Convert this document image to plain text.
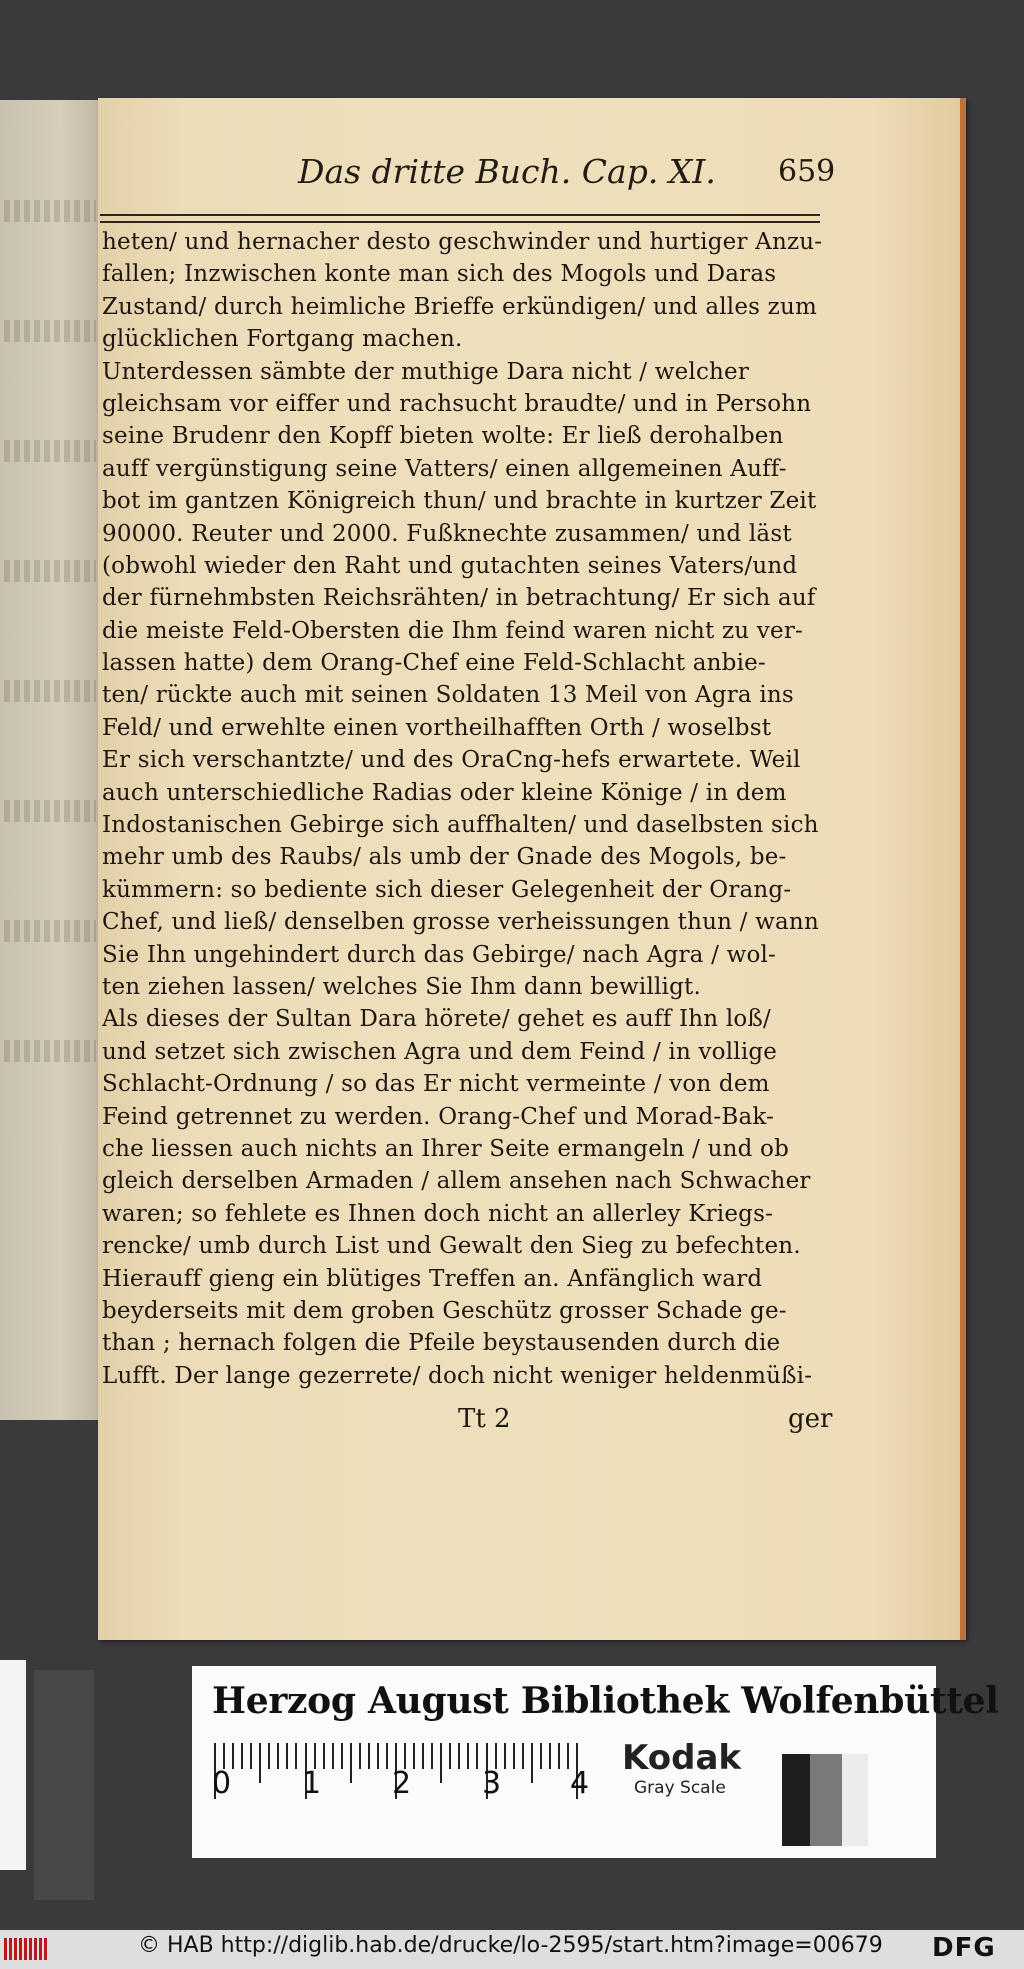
Das dritte Buch. Cap. XI. 659
heten/ und hernacher desto geschwinder und hurtiger Anzu-
fallen; Inzwischen konte man sich des Mogols und Daras
Zustand/ durch heimliche Brieffe erkündigen/ und alles zum
glücklichen Fortgang machen.
Unterdessen sämbte der muthige Dara nicht / welcher
gleichsam vor eiffer und rachsucht braudte/ und in Persohn
seine Brudenr den Kopff bieten wolte: Er ließ derohalben
auff vergünstigung seine Vatters/ einen allgemeinen Auff-
bot im gantzen Königreich thun/ und brachte in kurtzer Zeit
90000. Reuter und 2000. Fußknechte zusammen/ und läst
(obwohl wieder den Raht und gutachten seines Vaters/und
der fürnehmbsten Reichsrähten/ in betrachtung/ Er sich auf
die meiste Feld-Obersten die Ihm feind waren nicht zu ver-
lassen hatte) dem Orang-Chef eine Feld-Schlacht anbie-
ten/ rückte auch mit seinen Soldaten 13 Meil von Agra ins
Feld/ und erwehlte einen vortheilhafften Orth / woselbst
Er sich verschantzte/ und des OraCng-hefs erwartete. Weil
auch unterschiedliche Radias oder kleine Könige / in dem
Indostanischen Gebirge sich auffhalten/ und daselbsten sich
mehr umb des Raubs/ als umb der Gnade des Mogols, be-
kümmern: so bediente sich dieser Gelegenheit der Orang-
Chef, und ließ/ denselben grosse verheissungen thun / wann
Sie Ihn ungehindert durch das Gebirge/ nach Agra / wol-
ten ziehen lassen/ welches Sie Ihm dann bewilligt.
Als dieses der Sultan Dara hörete/ gehet es auff Ihn loß/
und setzet sich zwischen Agra und dem Feind / in vollige
Schlacht-Ordnung / so das Er nicht vermeinte / von dem
Feind getrennet zu werden. Orang-Chef und Morad-Bak-
che liessen auch nichts an Ihrer Seite ermangeln / und ob
gleich derselben Armaden / allem ansehen nach Schwacher
waren; so fehlete es Ihnen doch nicht an allerley Kriegs-
rencke/ umb durch List und Gewalt den Sieg zu befechten.
Hierauff gieng ein blütiges Treffen an. Anfänglich ward
beyderseits mit dem groben Geschütz grosser Schade ge-
than ; hernach folgen die Pfeile beystausenden durch die
Lufft. Der lange gezerrete/ doch nicht weniger heldenmüßi-
Tt 2	ger
Herzog August Bibliothek Wolfenbüttel
0 1 2 3 4
Kodak
Gray Scale
© HAB http://diglib.hab.de/drucke/lo-2595/start.htm?image=00679 DFG
